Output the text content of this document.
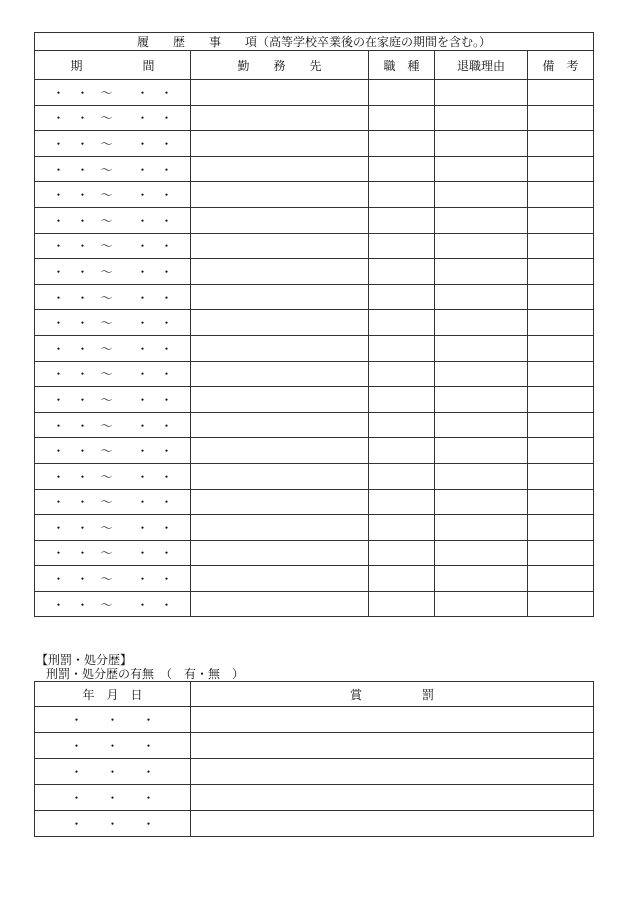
履　　歴　　事　　項（高等学校卒業後の在家庭の期間を含む。）				
期　　　　　間	勤　　務　　先	職　種	退職理由	備　考
・　・　～　　・　・				
・　・　～　　・　・				
・　・　～　　・　・				
・　・　～　　・　・				
・　・　～　　・　・				
・　・　～　　・　・				
・　・　～　　・　・				
・　・　～　　・　・				
・　・　～　　・　・				
・　・　～　　・　・				
・　・　～　　・　・				
・　・　～　　・　・				
・　・　～　　・　・				
・　・　～　　・　・				
・　・　～　　・　・				
・　・　～　　・　・				
・　・　～　　・　・				
・　・　～　　・　・				
・　・　～　　・　・				
・　・　～　　・　・				
・　・　～　　・　・				
【刑罰・処分歴】
刑罰・処分歴の有無　（　有・無　）
年　月　日	賞　　　　　罰
・　　・　　・	
・　　・　　・	
・　　・　　・	
・　　・　　・	
・　　・　　・	
